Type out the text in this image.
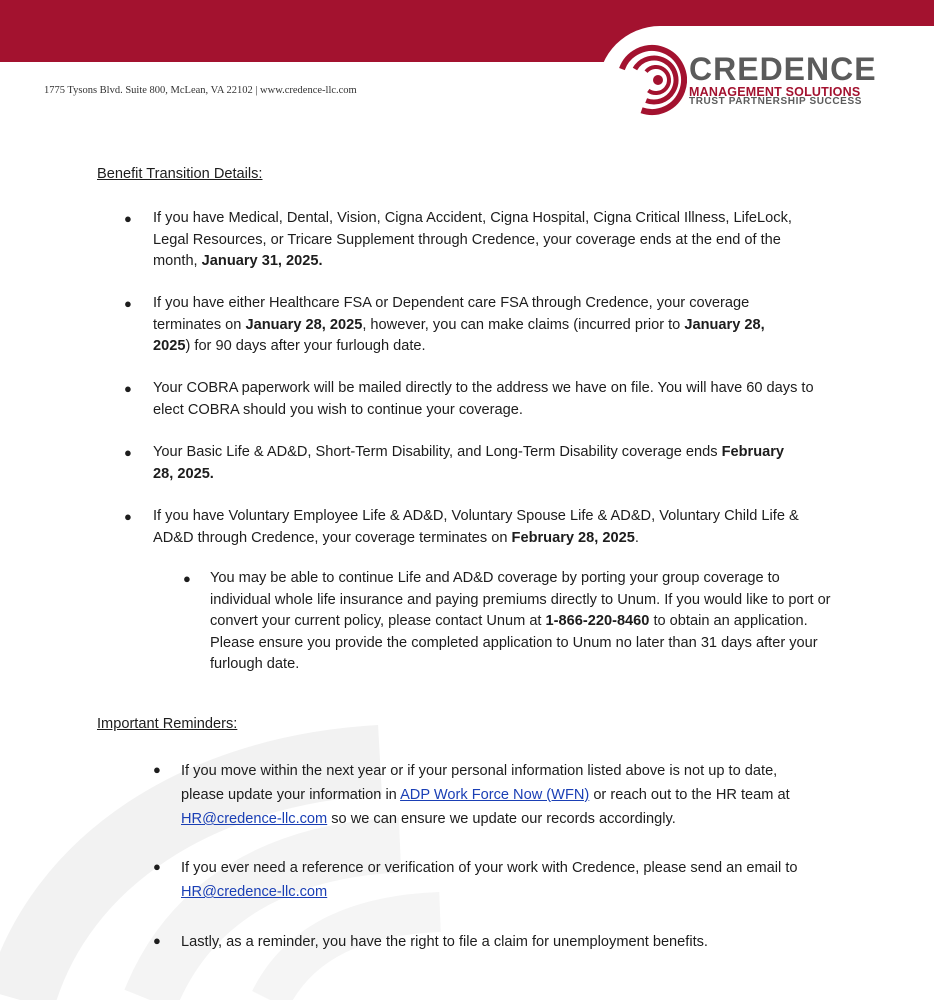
1775 Tysons Blvd. Suite 800, McLean, VA 22102 | www.credence-llc.com
CREDENCE
MANAGEMENT SOLUTIONS
TRUST PARTNERSHIP SUCCESS
Benefit Transition Details:
● If you have Medical, Dental, Vision, Cigna Accident, Cigna Hospital, Cigna Critical Illness, LifeLock, Legal Resources, or Tricare Supplement through Credence, your coverage ends at the end of the month, January 31, 2025.
● If you have either Healthcare FSA or Dependent care FSA through Credence, your coverage terminates on January 28, 2025, however, you can make claims (incurred prior to January 28, 2025) for 90 days after your furlough date.
● Your COBRA paperwork will be mailed directly to the address we have on file. You will have 60 days to elect COBRA should you wish to continue your coverage.
● Your Basic Life & AD&D, Short-Term Disability, and Long-Term Disability coverage ends February 28, 2025.
● If you have Voluntary Employee Life & AD&D, Voluntary Spouse Life & AD&D, Voluntary Child Life & AD&D through Credence, your coverage terminates on February 28, 2025.
● You may be able to continue Life and AD&D coverage by porting your group coverage to individual whole life insurance and paying premiums directly to Unum. If you would like to port or convert your current policy, please contact Unum at 1-866-220-8460 to obtain an application. Please ensure you provide the completed application to Unum no later than 31 days after your furlough date.
Important Reminders:
● If you move within the next year or if your personal information listed above is not up to date, please update your information in ADP Work Force Now (WFN) or reach out to the HR team at HR@credence-llc.com so we can ensure we update our records accordingly.
● If you ever need a reference or verification of your work with Credence, please send an email to HR@credence-llc.com
● Lastly, as a reminder, you have the right to file a claim for unemployment benefits.
